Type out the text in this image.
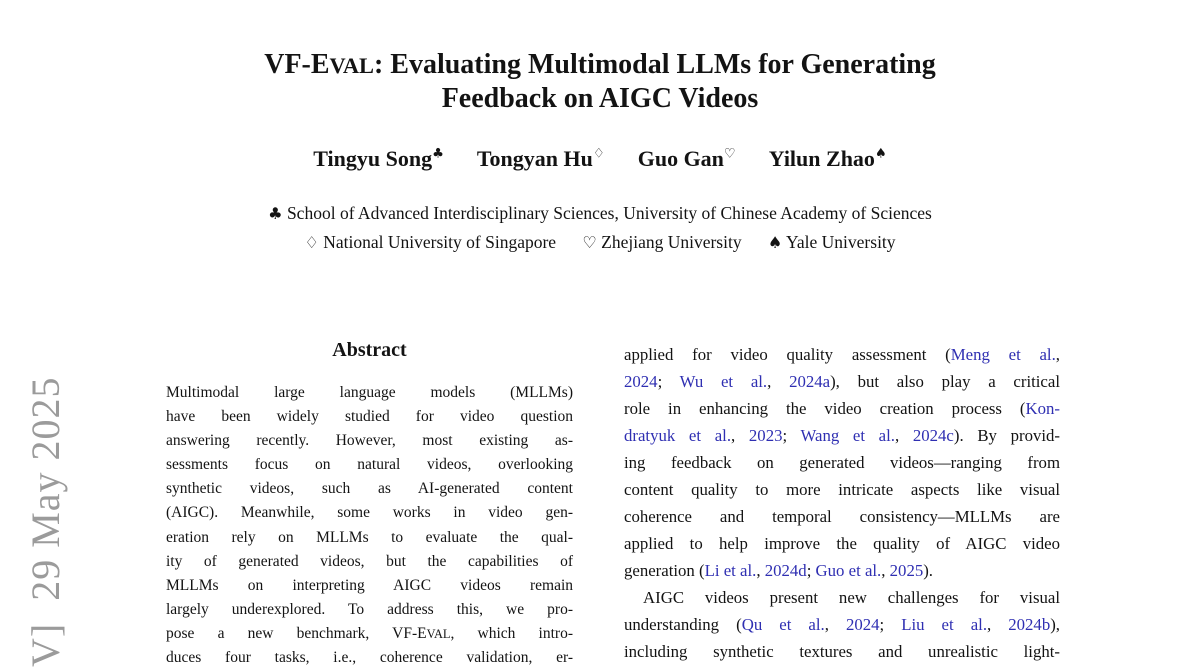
V]  29 May 2025
VF-EVAL: Evaluating Multimodal LLMs for Generating
Feedback on AIGC Videos
Tingyu Song♣   Tongyan Hu♢   Guo Gan♡   Yilun Zhao♠
♣ School of Advanced Interdisciplinary Sciences, University of Chinese Academy of Sciences
♢ National University of Singapore   ♡ Zhejiang University   ♠ Yale University
Abstract
Multimodal large language models (MLLMs)
have been widely studied for video question
answering recently. However, most existing as-
sessments focus on natural videos, overlooking
synthetic videos, such as AI-generated content
(AIGC). Meanwhile, some works in video gen-
eration rely on MLLMs to evaluate the qual-
ity of generated videos, but the capabilities of
MLLMs on interpreting AIGC videos remain
largely underexplored. To address this, we pro-
pose a new benchmark, VF-EVAL, which intro-
duces four tasks, i.e., coherence validation, er-
applied for video quality assessment (Meng et al.,
2024; Wu et al., 2024a), but also play a critical
role in enhancing the video creation process (Kon-
dratyuk et al., 2023; Wang et al., 2024c). By provid-
ing feedback on generated videos—ranging from
content quality to more intricate aspects like visual
coherence and temporal consistency—MLLMs are
applied to help improve the quality of AIGC video
generation (Li et al., 2024d; Guo et al., 2025).
AIGC videos present new challenges for visual
understanding (Qu et al., 2024; Liu et al., 2024b),
including synthetic textures and unrealistic light-
